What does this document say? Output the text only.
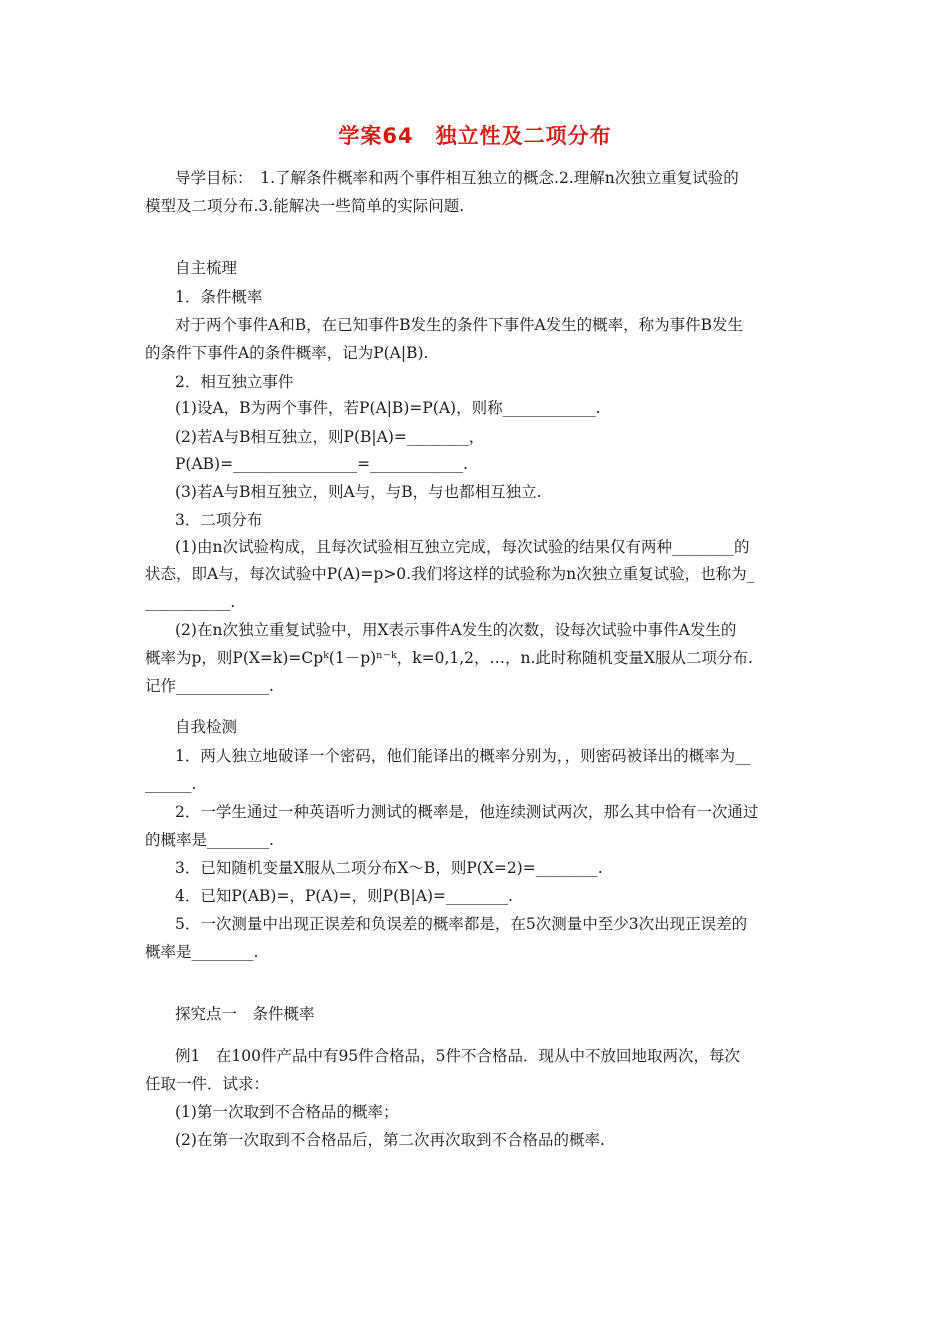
学案64　独立性及二项分布
导学目标：　1.了解条件概率和两个事件相互独立的概念.2.理解n次独立重复试验的
模型及二项分布.3.能解决一些简单的实际问题.
自主梳理
1．条件概率
对于两个事件A和B，在已知事件B发生的条件下事件A发生的概率，称为事件B发生
的条件下事件A的条件概率，记为P(A|B).
2．相互独立事件
(1)设A，B为两个事件，若P(A|B)=P(A)，则称____________.
(2)若A与B相互独立，则P(B|A)=________，
P(AB)=________________=____________.
(3)若A与B相互独立，则A与，与B，与也都相互独立.
3．二项分布
(1)由n次试验构成，且每次试验相互独立完成，每次试验的结果仅有两种________的
状态，即A与，每次试验中P(A)=p>0.我们将这样的试验称为n次独立重复试验，也称为_
___________.
(2)在n次独立重复试验中，用X表示事件A发生的次数，设每次试验中事件A发生的
概率为p，则P(X=k)=Cpᵏ(1－p)ⁿ⁻ᵏ，k=0,1,2，…，n.此时称随机变量X服从二项分布.
记作____________.
自我检测
1．两人独立地破译一个密码，他们能译出的概率分别为，，则密码被译出的概率为__
______.
2．一学生通过一种英语听力测试的概率是，他连续测试两次，那么其中恰有一次通过
的概率是________.
3．已知随机变量X服从二项分布X～B，则P(X=2)=________.
4．已知P(AB)=，P(A)=，则P(B|A)=________.
5．一次测量中出现正误差和负误差的概率都是，在5次测量中至少3次出现正误差的
概率是________.
探究点一　条件概率
例1　在100件产品中有95件合格品，5件不合格品．现从中不放回地取两次，每次
任取一件．试求：
(1)第一次取到不合格品的概率；
(2)在第一次取到不合格品后，第二次再次取到不合格品的概率.
